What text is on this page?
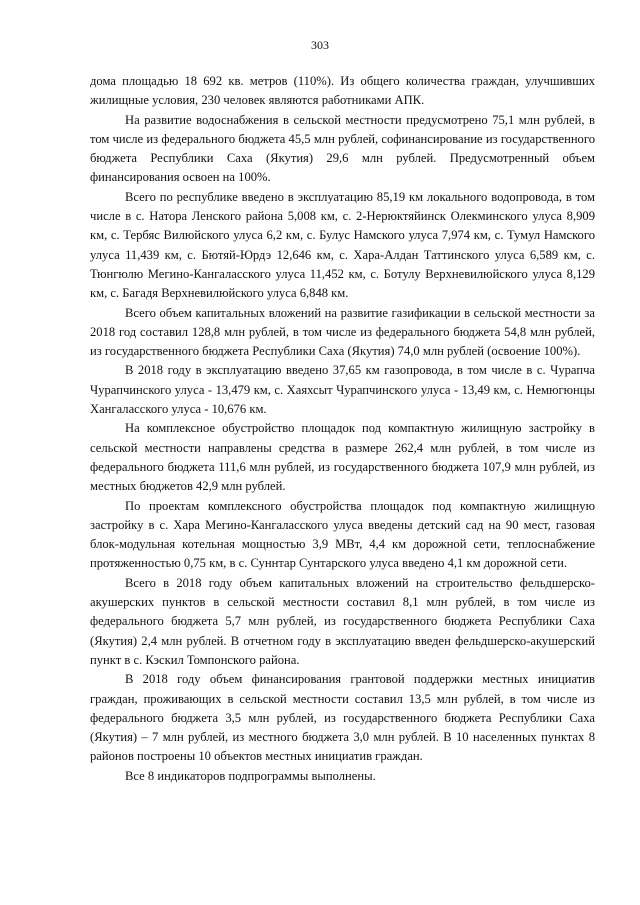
303

дома площадью 18 692 кв. метров (110%). Из общего количества граждан, улучшивших жилищные условия, 230 человек являются работниками АПК.

На развитие водоснабжения в сельской местности предусмотрено 75,1 млн рублей, в том числе из федерального бюджета 45,5 млн рублей, софинансирование из государственного бюджета Республики Саха (Якутия) 29,6 млн рублей. Предусмотренный объем финансирования освоен на 100%.

Всего по республике введено в эксплуатацию 85,19 км локального водопровода, в том числе в с. Натора Ленского района 5,008 км, с. 2-Нерюктяйинск Олекминского улуса 8,909 км, с. Тербяс Вилюйского улуса 6,2 км, с. Булус Намского улуса 7,974 км, с. Тумул Намского улуса 11,439 км, с. Бютяй-Юрдэ 12,646 км, с. Хара-Алдан Таттинского улуса 6,589 км, с. Тюнгюлю Мегино-Кангаласского улуса 11,452 км, с. Ботулу Верхневилюйского улуса 8,129 км, с. Багадя Верхневилюйского улуса 6,848 км.

Всего объем капитальных вложений на развитие газификации в сельской местности за 2018 год составил 128,8 млн рублей, в том числе из федерального бюджета 54,8 млн рублей, из государственного бюджета Республики Саха (Якутия) 74,0 млн рублей (освоение 100%).

В 2018 году в эксплуатацию введено 37,65 км газопровода, в том числе в с. Чурапча Чурапчинского улуса - 13,479 км, с. Хаяхсыт Чурапчинского улуса - 13,49 км, с. Немюгюнцы Хангаласского улуса - 10,676 км.

На комплексное обустройство площадок под компактную жилищную застройку в сельской местности направлены средства в размере 262,4 млн рублей, в том числе из федерального бюджета 111,6 млн рублей, из государственного бюджета 107,9 млн рублей, из местных бюджетов 42,9 млн рублей.

По проектам комплексного обустройства площадок под компактную жилищную застройку в с. Хара Мегино-Кангаласского улуса введены детский сад на 90 мест, газовая блок-модульная котельная мощностью 3,9 МВт, 4,4 км дорожной сети, теплоснабжение протяженностью 0,75 км, в с. Суннтар Сунтарского улуса введено 4,1 км дорожной сети.

Всего в 2018 году объем капитальных вложений на строительство фельдшерско-акушерских пунктов в сельской местности составил 8,1 млн рублей, в том числе из федерального бюджета 5,7 млн рублей, из государственного бюджета Республики Саха (Якутия) 2,4 млн рублей. В отчетном году в эксплуатацию введен фельдшерско-акушерский пункт в с. Кэскил Томпонского района.

В 2018 году объем финансирования грантовой поддержки местных инициатив граждан, проживающих в сельской местности составил 13,5 млн рублей, в том числе из федерального бюджета 3,5 млн рублей, из государственного бюджета Республики Саха (Якутия) – 7 млн рублей, из местного бюджета 3,0 млн рублей. В 10 населенных пунктах 8 районов построены 10 объектов местных инициатив граждан.

Все 8 индикаторов подпрограммы выполнены.
